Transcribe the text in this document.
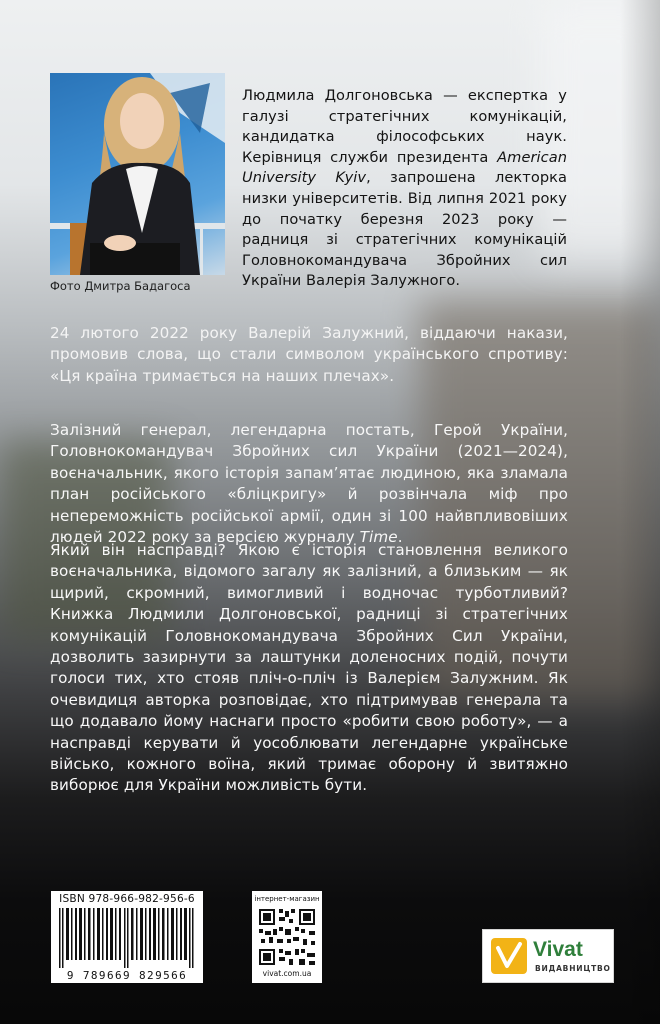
Фото Дмитра Бадагоса

Людмила Долгоновська — експертка у галузі стратегічних комунікацій, кандидатка філософських наук. Керівниця служби президента American University Kyiv, запрошена лекторка низки університетів. Від липня 2021 року до початку березня 2023 року — радниця зі стратегічних комунікацій Головнокомандувача Збройних сил України Валерія Залужного.

24 лютого 2022 року Валерій Залужний, віддаючи накази, промовив слова, що стали символом українського спротиву: «Ця країна тримається на наших плечах».

Залізний генерал, легендарна постать, Герой України, Головнокомандувач Збройних сил України (2021—2024), воєначальник, якого історія запам’ятає людиною, яка зламала план російського «бліцкригу» й розвінчала міф про непереможність російської армії, один зі 100 найвпливовіших людей 2022 року за версією журналу Time.

Який він насправді? Якою є історія становлення великого воєначальника, відомого загалу як залізний, а близьким — як щирий, скромний, вимогливий і водночас турботливий? Книжка Людмили Долгоновської, радниці зі стратегічних комунікацій Головнокомандувача Збройних Сил України, дозволить зазирнути за лаштунки доленосних подій, почути голоси тих, хто стояв пліч-о-пліч із Валерієм Залужним. Як очевидиця авторка розповідає, хто підтримував генерала та що додавало йому наснаги просто «робити свою роботу», — а насправді керувати й уособлювати легендарне українське військо, кожного воїна, який тримає оборону й звитяжно виборює для України можливість бути.

ISBN 978-966-982-956-6
9 789669 829566
інтернет-магазин
vivat.com.ua
Vivat
ВИДАВНИЦТВО
